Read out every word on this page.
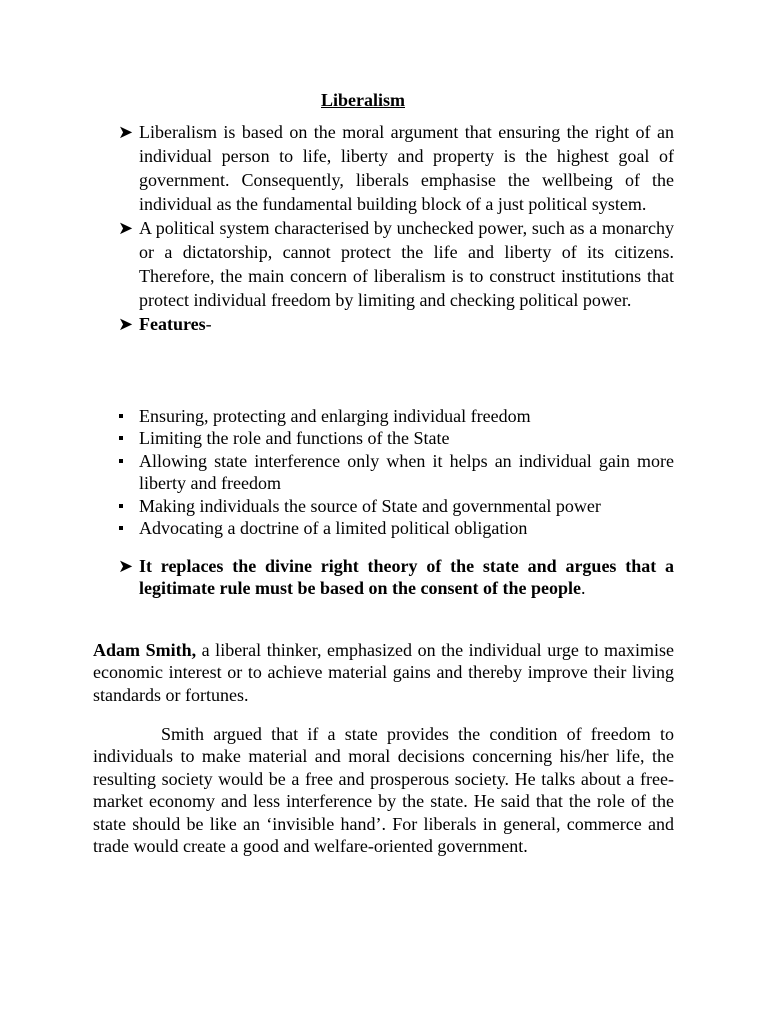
Liberalism
➤ Liberalism is based on the moral argument that ensuring the right of an individual person to life, liberty and property is the highest goal of government. Consequently, liberals emphasise the wellbeing of the individual as the fundamental building block of a just political system.
➤ A political system characterised by unchecked power, such as a monarchy or a dictatorship, cannot protect the life and liberty of its citizens. Therefore, the main concern of liberalism is to construct institutions that protect individual freedom by limiting and checking political power.
➤ Features-
Ensuring, protecting and enlarging individual freedom
Limiting the role and functions of the State
Allowing state interference only when it helps an individual gain more liberty and freedom
Making individuals the source of State and governmental power
Advocating a doctrine of a limited political obligation
➤ It replaces the divine right theory of the state and argues that a legitimate rule must be based on the consent of the people.

Adam Smith, a liberal thinker, emphasized on the individual urge to maximise economic interest or to achieve material gains and thereby improve their living standards or fortunes.

Smith argued that if a state provides the condition of freedom to individuals to make material and moral decisions concerning his/her life, the resulting society would be a free and prosperous society. He talks about a free-market economy and less interference by the state. He said that the role of the state should be like an ‘invisible hand’. For liberals in general, commerce and trade would create a good and welfare-oriented government.
